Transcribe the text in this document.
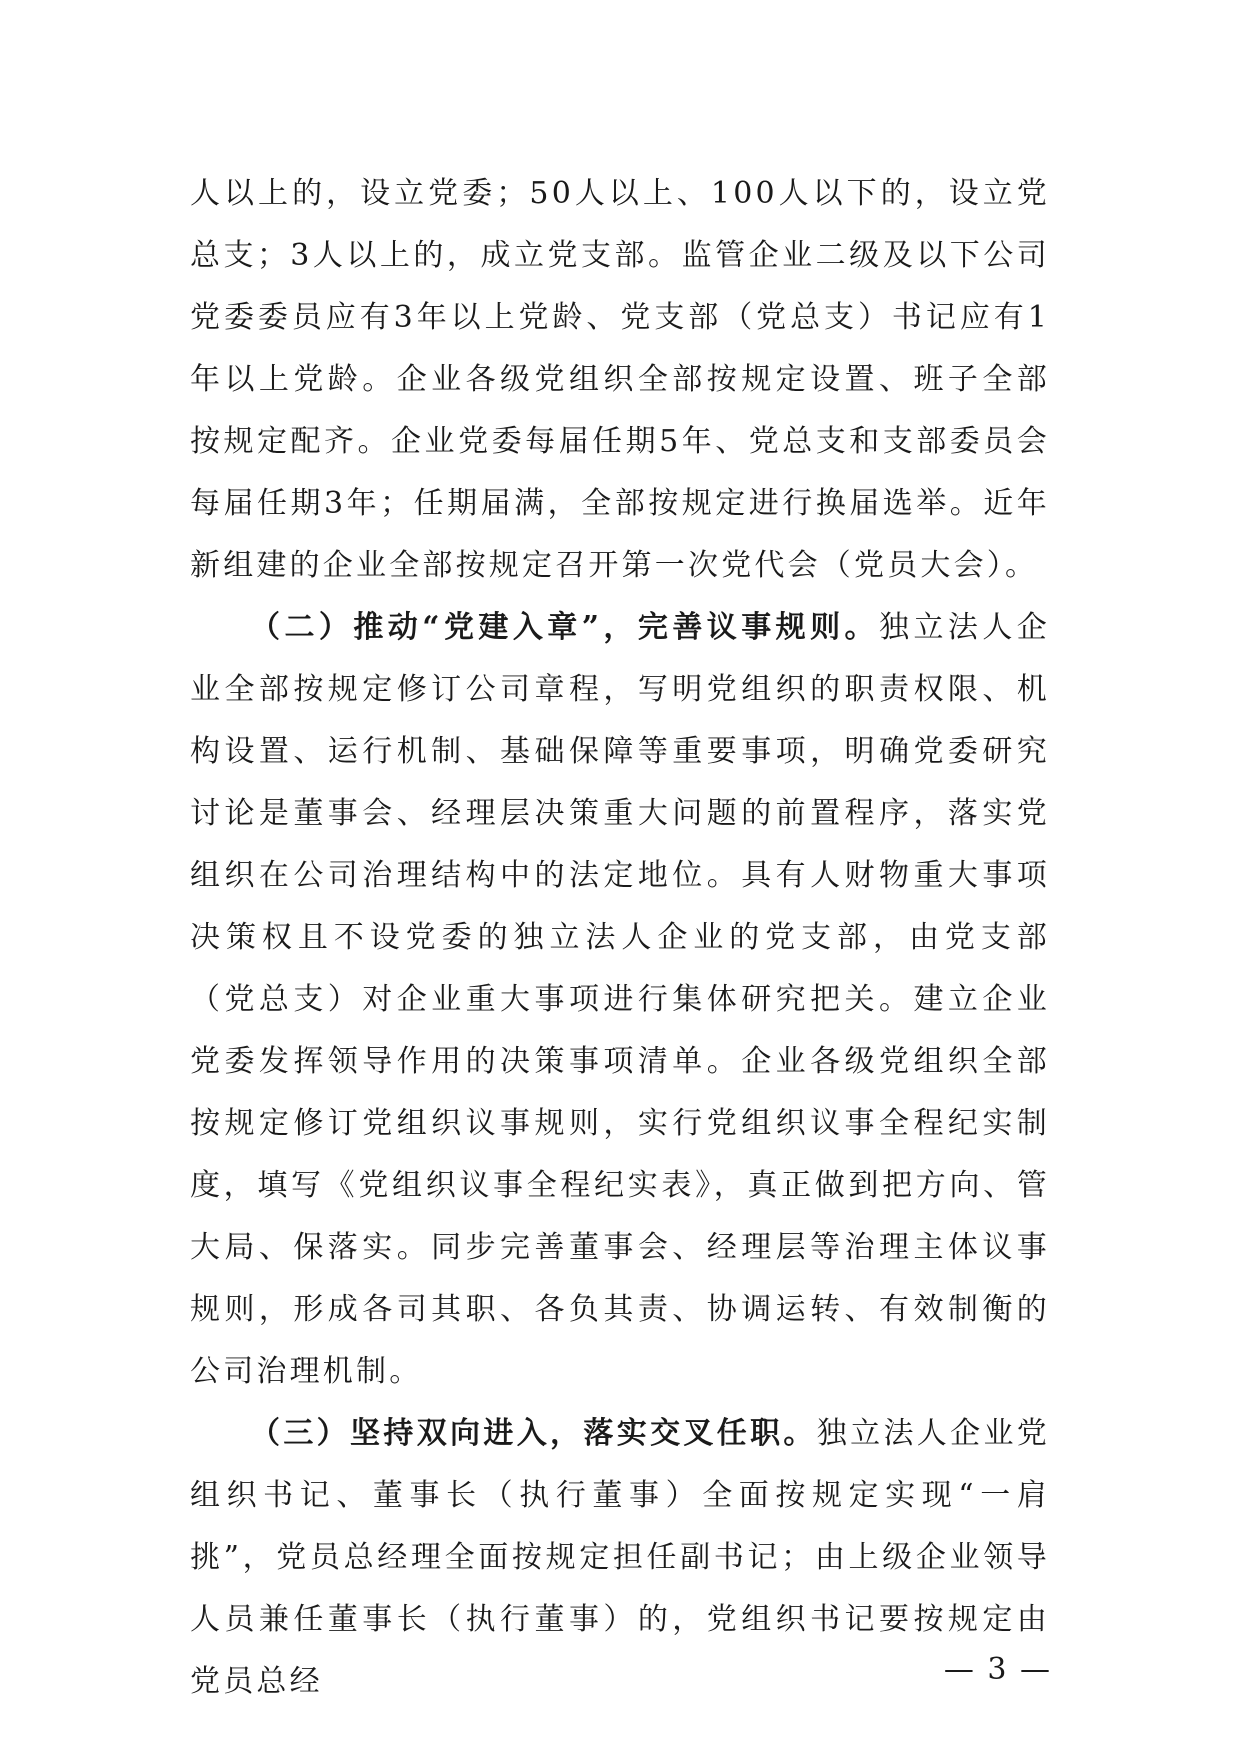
人以上的，设立党委；50人以上、100人以下的，设立党总支；3人以上的，成立党支部。监管企业二级及以下公司党委委员应有3年以上党龄、党支部（党总支）书记应有1年以上党龄。企业各级党组织全部按规定设置、班子全部按规定配齐。企业党委每届任期5年、党总支和支部委员会每届任期3年；任期届满，全部按规定进行换届选举。近年新组建的企业全部按规定召开第一次党代会（党员大会）。

（二）推动“党建入章”，完善议事规则。独立法人企业全部按规定修订公司章程，写明党组织的职责权限、机构设置、运行机制、基础保障等重要事项，明确党委研究讨论是董事会、经理层决策重大问题的前置程序，落实党组织在公司治理结构中的法定地位。具有人财物重大事项决策权且不设党委的独立法人企业的党支部，由党支部（党总支）对企业重大事项进行集体研究把关。建立企业党委发挥领导作用的决策事项清单。企业各级党组织全部按规定修订党组织议事规则，实行党组织议事全程纪实制度，填写《党组织议事全程纪实表》，真正做到把方向、管大局、保落实。同步完善董事会、经理层等治理主体议事规则，形成各司其职、各负其责、协调运转、有效制衡的公司治理机制。

（三）坚持双向进入，落实交叉任职。独立法人企业党组织书记、董事长（执行董事）全面按规定实现“一肩挑”，党员总经理全面按规定担任副书记；由上级企业领导人员兼任董事长（执行董事）的，党组织书记要按规定由党员总经	— 3 —
